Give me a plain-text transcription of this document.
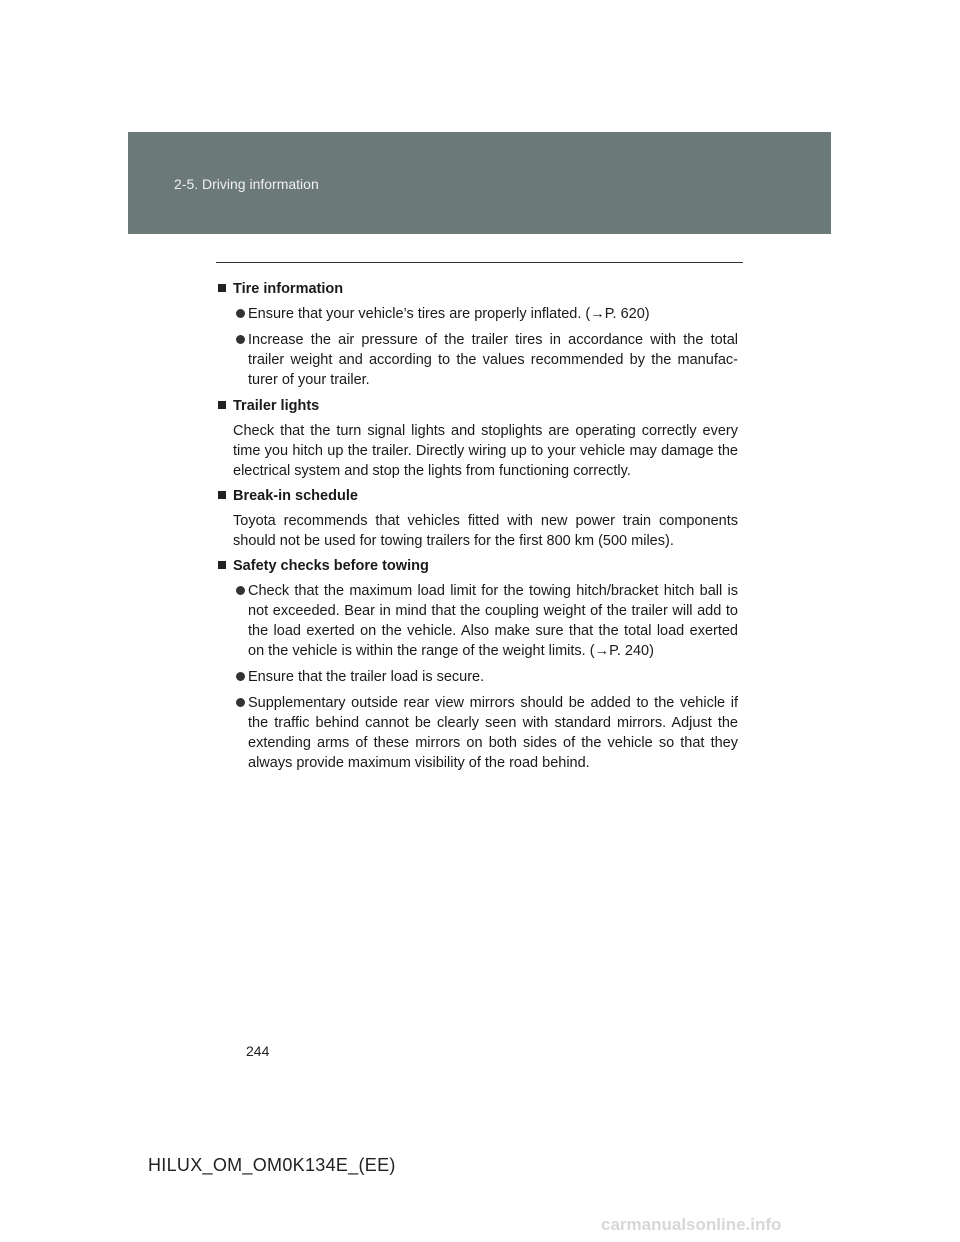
2-5. Driving information
Tire information
Ensure that your vehicle’s tires are properly inflated. (→P. 620)
Increase the air pressure of the trailer tires in accordance with the total trailer weight and according to the values recommended by the manufac-turer of your trailer.
Trailer lights
Check that the turn signal lights and stoplights are operating correctly every time you hitch up the trailer. Directly wiring up to your vehicle may damage the electrical system and stop the lights from functioning correctly.
Break-in schedule
Toyota recommends that vehicles fitted with new power train components should not be used for towing trailers for the first 800 km (500 miles).
Safety checks before towing
Check that the maximum load limit for the towing hitch/bracket hitch ball is not exceeded. Bear in mind that the coupling weight of the trailer will add to the load exerted on the vehicle. Also make sure that the total load exerted on the vehicle is within the range of the weight limits. (→P. 240)
Ensure that the trailer load is secure.
Supplementary outside rear view mirrors should be added to the vehicle if the traffic behind cannot be clearly seen with standard mirrors. Adjust the extending arms of these mirrors on both sides of the vehicle so that they always provide maximum visibility of the road behind.
244
HILUX_OM_OM0K134E_(EE)
carmanualsonline.info
